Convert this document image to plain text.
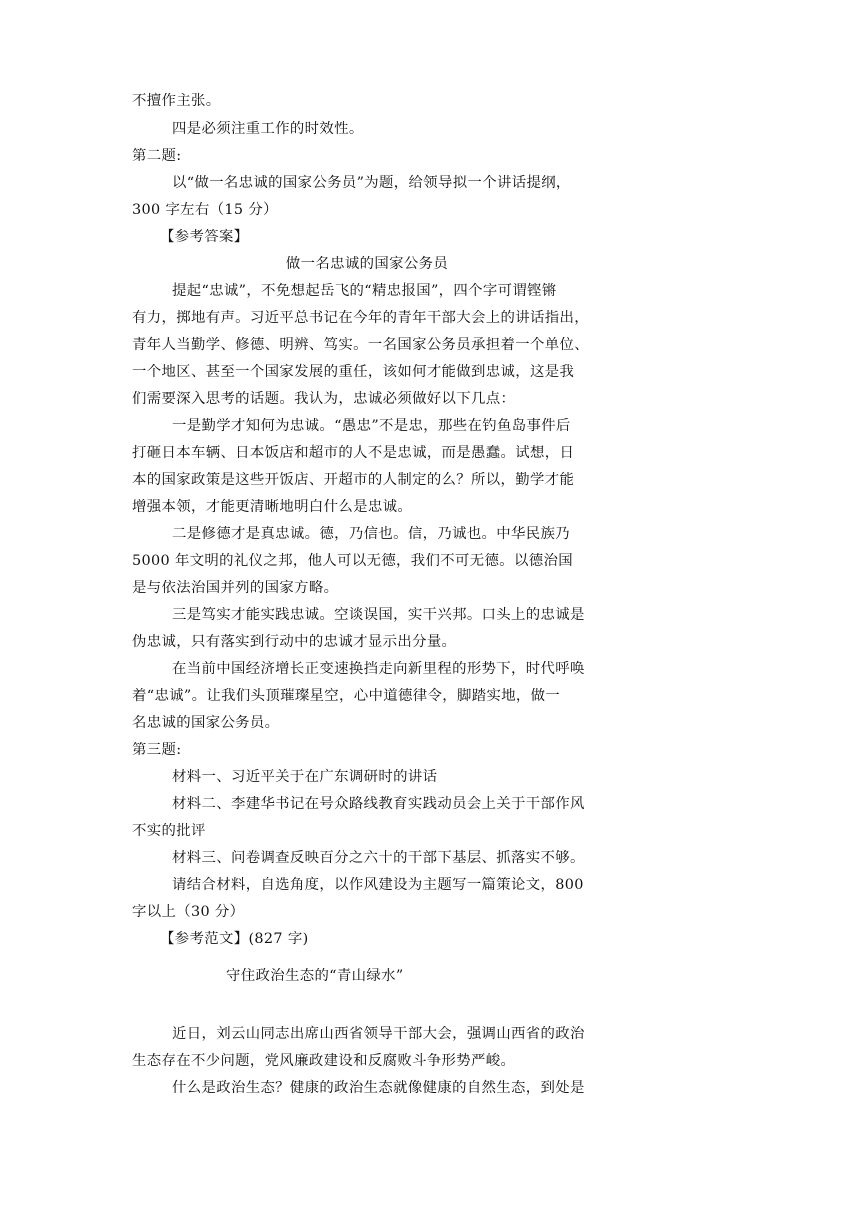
不擅作主张。
四是必须注重工作的时效性。
第二题:
以“做一名忠诚的国家公务员”为题，给领导拟一个讲话提纲，
300 字左右（15 分）
【参考答案】
做一名忠诚的国家公务员
提起“忠诚”，不免想起岳飞的“精忠报国”，四个字可谓铿锵
有力，掷地有声。习近平总书记在今年的青年干部大会上的讲话指出，
青年人当勤学、修德、明辨、笃实。一名国家公务员承担着一个单位、
一个地区、甚至一个国家发展的重任，该如何才能做到忠诚，这是我
们需要深入思考的话题。我认为，忠诚必须做好以下几点：
一是勤学才知何为忠诚。“愚忠”不是忠，那些在钓鱼岛事件后
打砸日本车辆、日本饭店和超市的人不是忠诚，而是愚蠢。试想，日
本的国家政策是这些开饭店、开超市的人制定的么？所以，勤学才能
增强本领，才能更清晰地明白什么是忠诚。
二是修德才是真忠诚。德，乃信也。信，乃诚也。中华民族乃
5000 年文明的礼仪之邦，他人可以无德，我们不可无德。以德治国
是与依法治国并列的国家方略。
三是笃实才能实践忠诚。空谈误国，实干兴邦。口头上的忠诚是
伪忠诚，只有落实到行动中的忠诚才显示出分量。
在当前中国经济增长正变速换挡走向新里程的形势下，时代呼唤
着“忠诚”。让我们头顶璀璨星空，心中道德律令，脚踏实地，做一
名忠诚的国家公务员。
第三题:
材料一、习近平关于在广东调研时的讲话
材料二、李建华书记在号众路线教育实践动员会上关于干部作风
不实的批评
材料三、问卷调查反映百分之六十的干部下基层、抓落实不够。
请结合材料，自选角度，以作风建设为主题写一篇策论文，800
字以上（30 分）
【参考范文】(827 字)
守住政治生态的“青山绿水”
近日，刘云山同志出席山西省领导干部大会，强调山西省的政治
生态存在不少问题，党风廉政建设和反腐败斗争形势严峻。
什么是政治生态？健康的政治生态就像健康的自然生态，到处是
